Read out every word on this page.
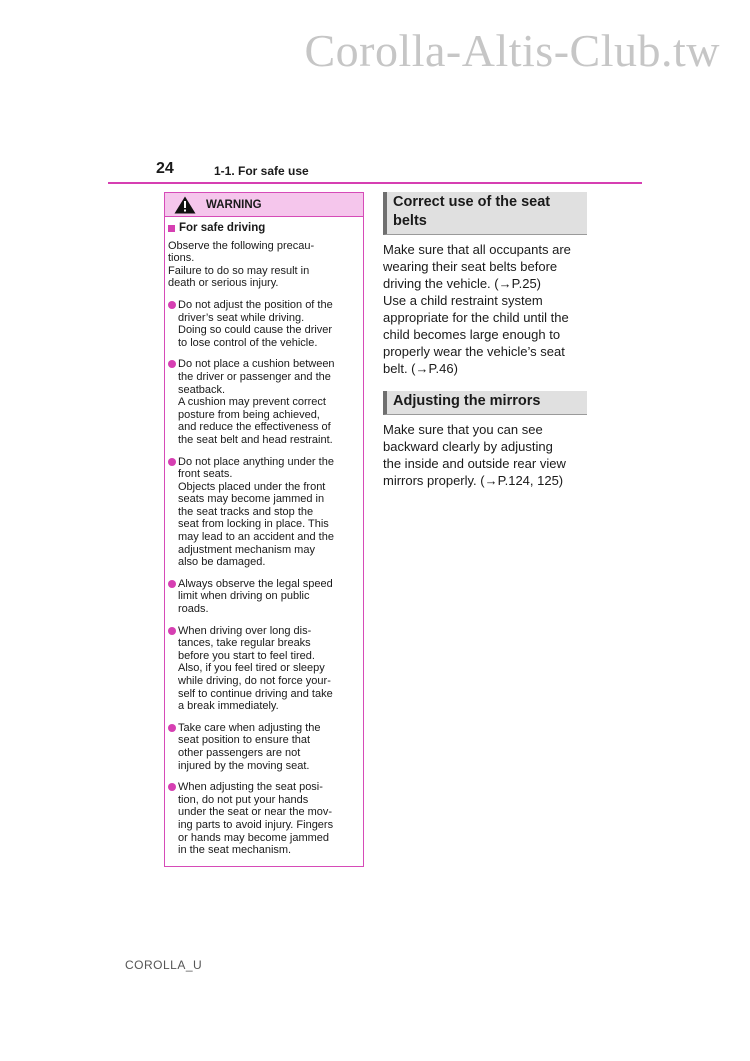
Corolla-Altis-Club.tw
24	1-1. For safe use
WARNING
For safe driving
Observe the following precau-
tions.
Failure to do so may result in
death or serious injury.
Do not adjust the position of the
driver’s seat while driving.
Doing so could cause the driver
to lose control of the vehicle.
Do not place a cushion between
the driver or passenger and the
seatback.
A cushion may prevent correct
posture from being achieved,
and reduce the effectiveness of
the seat belt and head restraint.
Do not place anything under the
front seats.
Objects placed under the front
seats may become jammed in
the seat tracks and stop the
seat from locking in place. This
may lead to an accident and the
adjustment mechanism may
also be damaged.
Always observe the legal speed
limit when driving on public
roads.
When driving over long dis-
tances, take regular breaks
before you start to feel tired.
Also, if you feel tired or sleepy
while driving, do not force your-
self to continue driving and take
a break immediately.
Take care when adjusting the
seat position to ensure that
other passengers are not
injured by the moving seat.
When adjusting the seat posi-
tion, do not put your hands
under the seat or near the mov-
ing parts to avoid injury. Fingers
or hands may become jammed
in the seat mechanism.
Correct use of the seat
belts
Make sure that all occupants are
wearing their seat belts before
driving the vehicle. (→P.25)
Use a child restraint system
appropriate for the child until the
child becomes large enough to
properly wear the vehicle’s seat
belt. (→P.46)
Adjusting the mirrors
Make sure that you can see
backward clearly by adjusting
the inside and outside rear view
mirrors properly. (→P.124, 125)
COROLLA_U
